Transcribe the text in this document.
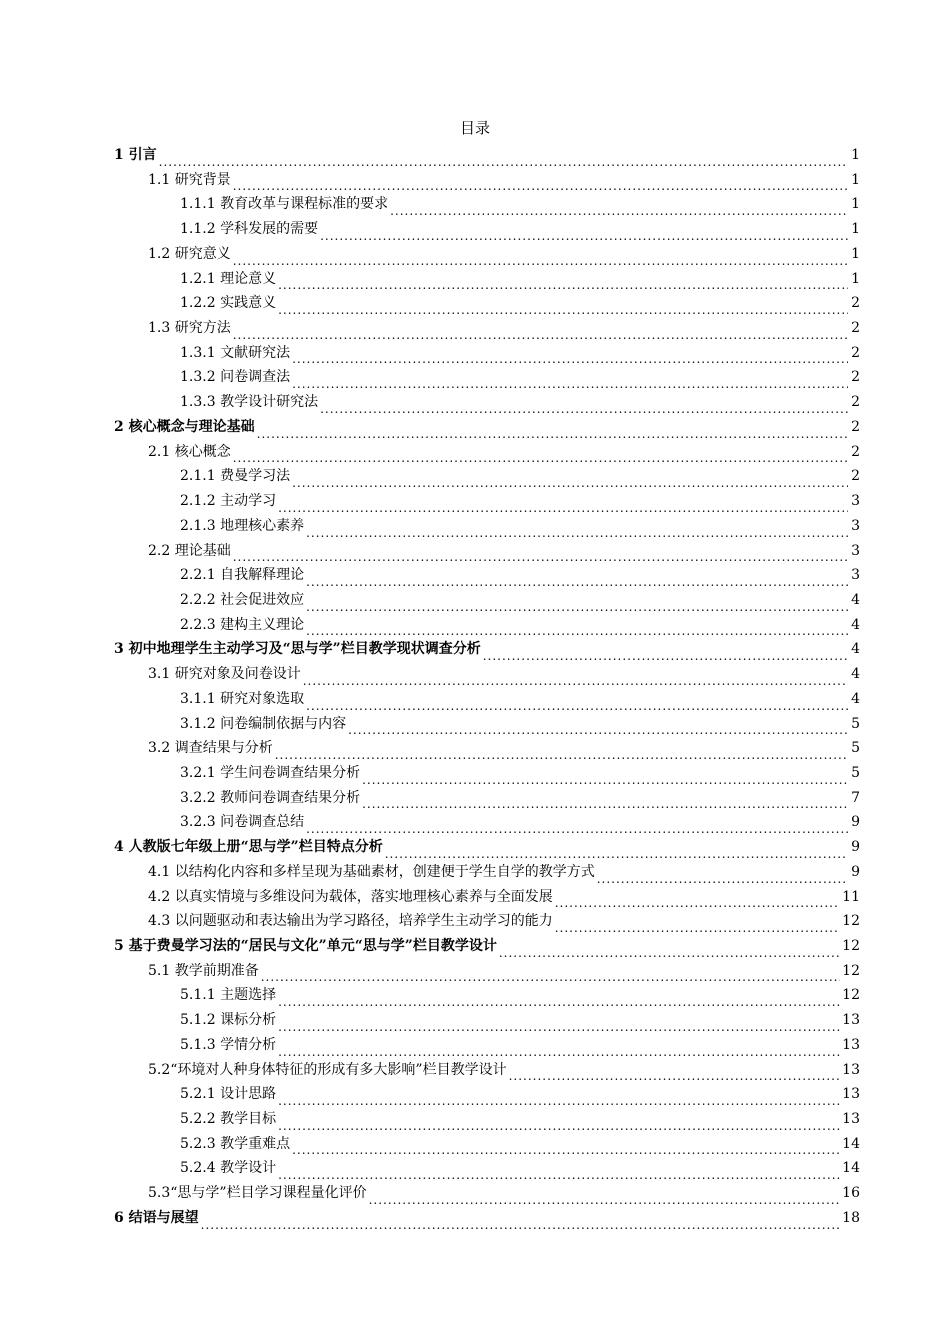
目录
1 引言 .....	1
1.1 研究背景 .....	1
1.1.1 教育改革与课程标准的要求 .....	1
1.1.2 学科发展的需要 .....	1
1.2 研究意义 .....	1
1.2.1 理论意义 .....	1
1.2.2 实践意义 .....	2
1.3 研究方法 .....	2
1.3.1 文献研究法 .....	2
1.3.2 问卷调查法 .....	2
1.3.3 教学设计研究法 .....	2
2 核心概念与理论基础 .....	2
2.1 核心概念 .....	2
2.1.1 费曼学习法 .....	2
2.1.2 主动学习 .....	3
2.1.3 地理核心素养 .....	3
2.2 理论基础 .....	3
2.2.1 自我解释理论 .....	3
2.2.2 社会促进效应 .....	4
2.2.3 建构主义理论 .....	4
3 初中地理学生主动学习及“思与学”栏目教学现状调查分析 .....	4
3.1 研究对象及问卷设计 .....	4
3.1.1 研究对象选取 .....	4
3.1.2 问卷编制依据与内容 .....	5
3.2 调查结果与分析 .....	5
3.2.1 学生问卷调查结果分析 .....	5
3.2.2 教师问卷调查结果分析 .....	7
3.2.3 问卷调查总结 .....	9
4 人教版七年级上册“思与学”栏目特点分析 .....	9
4.1 以结构化内容和多样呈现为基础素材，创建便于学生自学的教学方式 .....	9
4.2 以真实情境与多维设问为载体，落实地理核心素养与全面发展 .....	11
4.3 以问题驱动和表达输出为学习路径，培养学生主动学习的能力 .....	12
5 基于费曼学习法的“居民与文化”单元“思与学”栏目教学设计 .....	12
5.1 教学前期准备 .....	12
5.1.1 主题选择 .....	12
5.1.2 课标分析 .....	13
5.1.3 学情分析 .....	13
5.2“环境对人种身体特征的形成有多大影响”栏目教学设计 .....	13
5.2.1 设计思路 .....	13
5.2.2 教学目标 .....	13
5.2.3 教学重难点 .....	14
5.2.4 教学设计 .....	14
5.3“思与学”栏目学习课程量化评价 .....	16
6 结语与展望 .....	18
